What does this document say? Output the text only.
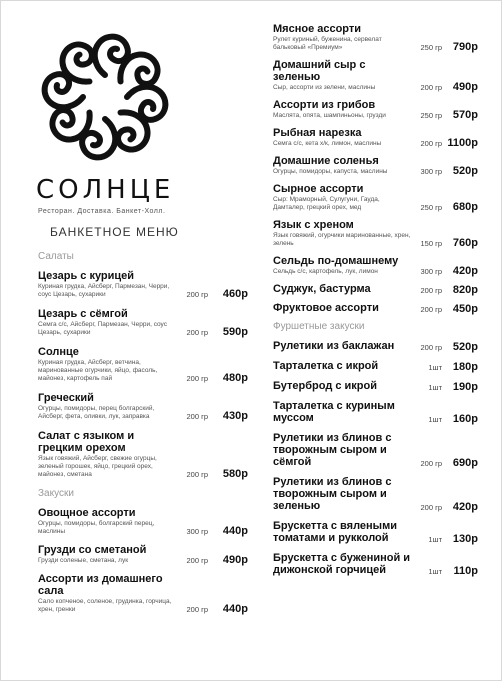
СОЛНЦЕ
Ресторан. Доставка. Банкет-Холл.
БАНКЕТНОЕ МЕНЮ
Салаты
Цезарь с курицей
Куриная грудка, Айсберг, Пармезан, Черри, соус Цезарь, сухарики	200 гр 460р
Цезарь с сёмгой
Семга с/с, Айсберг, Пармезан, Черри, соус Цезарь, сухарики	200 гр 590р
Солнце
Куриная грудка, Айсберг, ветчина, маринованные огурчики, яйцо, фасоль, майонез, картофель пай	200 гр 480р
Греческий
Огурцы, помидоры, перец болгарский, Айсберг, фета, оливки, лук, заправка	200 гр 430р
Салат с языком и грецким орехом
Язык говяжий, Айсберг, свежие огурцы, зеленый горошек, яйцо, грецкий орех, майонез, сметана	200 гр 580р
Закуски
Овощное ассорти
Огурцы, помидоры, болгарский перец, маслины	300 гр 440р
Грузди со сметаной
Грузди соленые, сметана, лук	200 гр 490р
Ассорти из домашнего сала
Сало копченое, соленое, грудинка, горчица, хрен, гренки	200 гр 440р
Мясное ассорти
Рулет куриный, буженина, сервелат бальковый «Премиум»	250 гр 790р
Домашний сыр с зеленью
Сыр, ассорти из зелени, маслины	200 гр 490р
Ассорти из грибов
Маслята, опята, шампиньоны, грузди	250 гр 570р
Рыбная нарезка
Семга с/с, кета х/к, лимон, маслины	200 гр 1100р
Домашние соленья
Огурцы, помидоры, капуста, маслины	300 гр 520р
Сырное ассорти
Сыр: Мраморный, Сулугуни, Гауда, Дамталер, грецкий орех, мед	250 гр 680р
Язык с хреном
Язык говяжий, огурчики маринованные, хрен, зелень	150 гр 760р
Сельдь по-домашнему
Сельдь с/с, картофель, лук, лимон	300 гр 420р
Суджук, бастурма	200 гр 820р
Фруктовое ассорти	200 гр 450р
Фуршетные закуски
Рулетики из баклажан	200 гр 520р
Тарталетка с икрой	1шт 180р
Бутерброд с икрой	1шт 190р
Тарталетка с куриным муссом	1шт 160р
Рулетики из блинов с творожным сыром и сёмгой	200 гр 690р
Рулетики из блинов с творожным сыром и зеленью	200 гр 420р
Брускетта с вялеными томатами и рукколой	1шт 130р
Брускетта с бужениной и дижонской горчицей	1шт 110р
